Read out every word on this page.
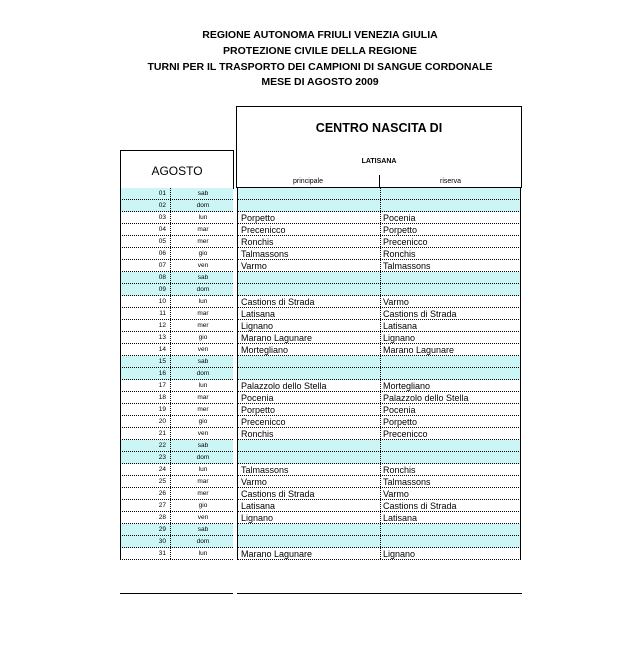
REGIONE AUTONOMA FRIULI VENEZIA GIULIA
PROTEZIONE CIVILE DELLA REGIONE
TURNI PER IL TRASPORTO DEI CAMPIONI DI SANGUE CORDONALE
MESE DI AGOSTO 2009
CENTRO NASCITA DI
LATISANA
AGOSTO
principale	riserva
01	sab
02	dom
03	lun	Porpetto	Pocenia
04	mar	Precenicco	Porpetto
05	mer	Ronchis	Precenicco
06	gio	Talmassons	Ronchis
07	ven	Varmo	Talmassons
08	sab
09	dom
10	lun	Castions di Strada	Varmo
11	mar	Latisana	Castions di Strada
12	mer	Lignano	Latisana
13	gio	Marano Lagunare	Lignano
14	ven	Mortegliano	Marano Lagunare
15	sab
16	dom
17	lun	Palazzolo dello Stella	Mortegliano
18	mar	Pocenia	Palazzolo dello Stella
19	mer	Porpetto	Pocenia
20	gio	Precenicco	Porpetto
21	ven	Ronchis	Precenicco
22	sab
23	dom
24	lun	Talmassons	Ronchis
25	mar	Varmo	Talmassons
26	mer	Castions di Strada	Varmo
27	gio	Latisana	Castions di Strada
28	ven	Lignano	Latisana
29	sab
30	dom
31	lun	Marano Lagunare	Lignano
